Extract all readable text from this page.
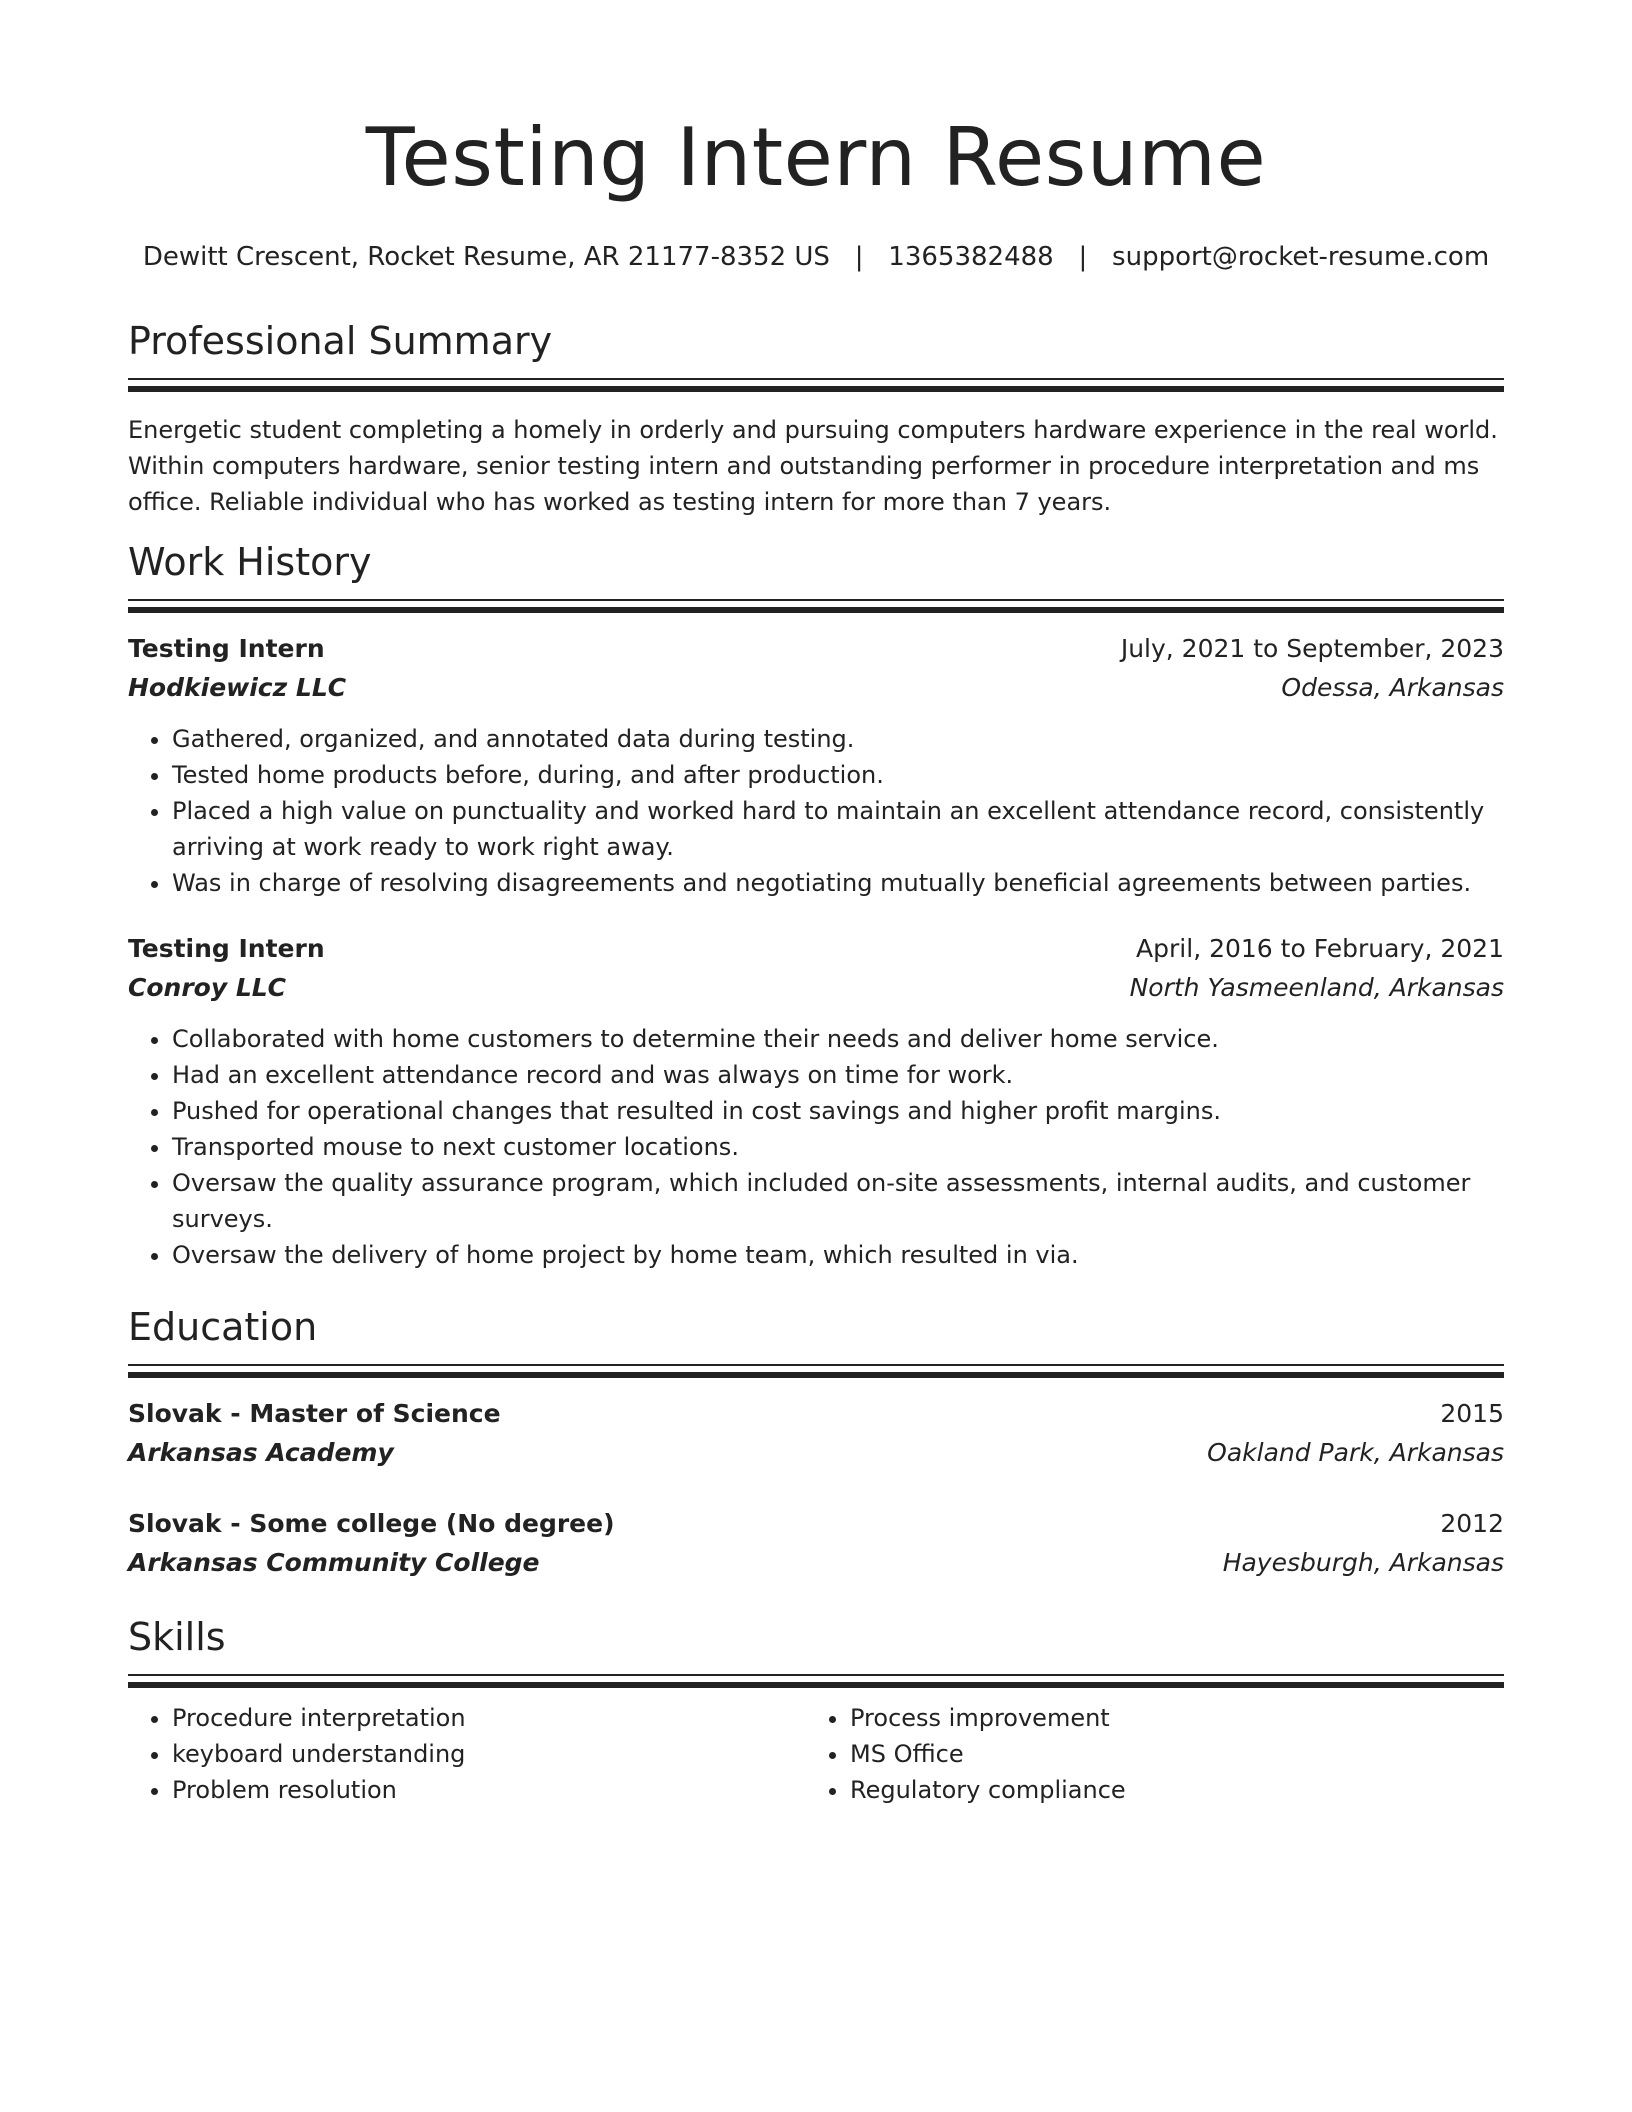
Testing Intern Resume
Dewitt Crescent, Rocket Resume, AR 21177-8352 US   |   1365382488   |   support@rocket-resume.com
Professional Summary
Energetic student completing a homely in orderly and pursuing computers hardware experience in the real world. Within computers hardware, senior testing intern and outstanding performer in procedure interpretation and ms office. Reliable individual who has worked as testing intern for more than 7 years.
Work History
Testing Intern	July, 2021 to September, 2023
Hodkiewicz LLC	Odessa, Arkansas
• Gathered, organized, and annotated data during testing.
• Tested home products before, during, and after production.
• Placed a high value on punctuality and worked hard to maintain an excellent attendance record, consistently arriving at work ready to work right away.
• Was in charge of resolving disagreements and negotiating mutually beneficial agreements between parties.
Testing Intern	April, 2016 to February, 2021
Conroy LLC	North Yasmeenland, Arkansas
• Collaborated with home customers to determine their needs and deliver home service.
• Had an excellent attendance record and was always on time for work.
• Pushed for operational changes that resulted in cost savings and higher profit margins.
• Transported mouse to next customer locations.
• Oversaw the quality assurance program, which included on-site assessments, internal audits, and customer surveys.
• Oversaw the delivery of home project by home team, which resulted in via.
Education
Slovak - Master of Science	2015
Arkansas Academy	Oakland Park, Arkansas
Slovak - Some college (No degree)	2012
Arkansas Community College	Hayesburgh, Arkansas
Skills
• Procedure interpretation
• keyboard understanding
• Problem resolution
• Process improvement
• MS Office
• Regulatory compliance
